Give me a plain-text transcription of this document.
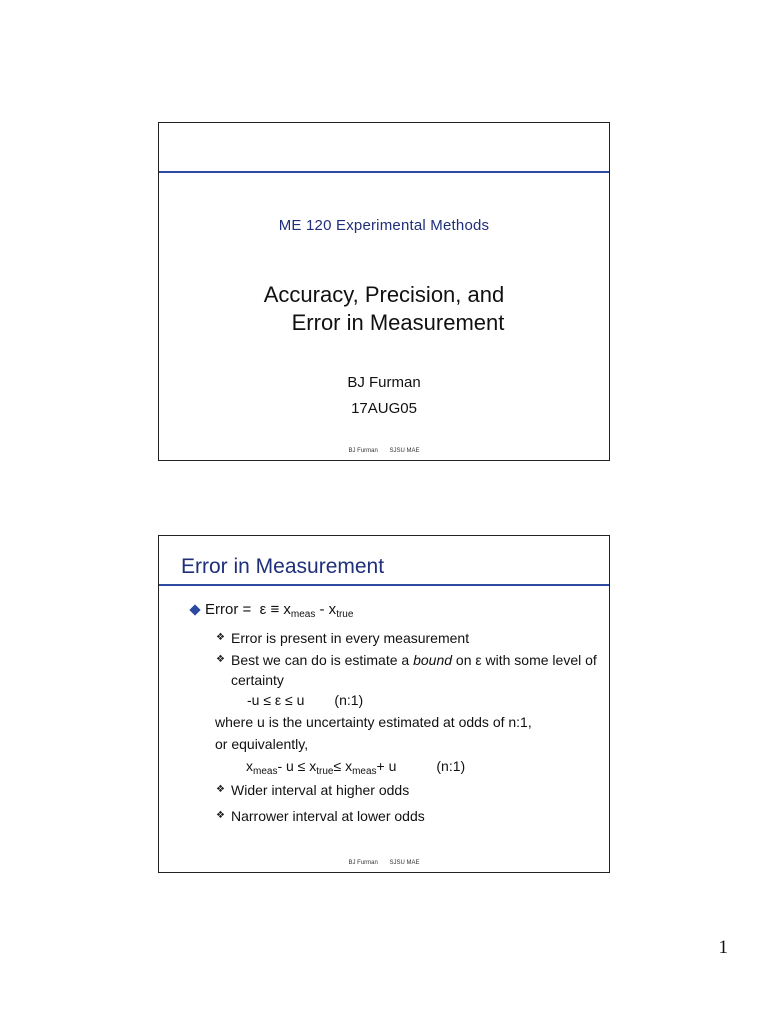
ME 120 Experimental Methods
Accuracy, Precision, and
Error in Measurement
BJ Furman
17AUG05
BJ Furman SJSU MAE
Error in Measurement
Error = $\varepsilon \equiv x_{meas} - x_{true}$
❖ Error is present in every measurement
❖ Best we can do is estimate a bound on ε with some level of certainty
-u ≤ ε ≤ u (n:1)
where u is the uncertainty estimated at odds of n:1,
or equivalently,
$x_{meas}-$ $u \le x_{true}\le x_{meas}+ u$	(n:1)
❖ Wider interval at higher odds
❖ Narrower interval at lower odds
BJ Furman SJSU MAE
1
